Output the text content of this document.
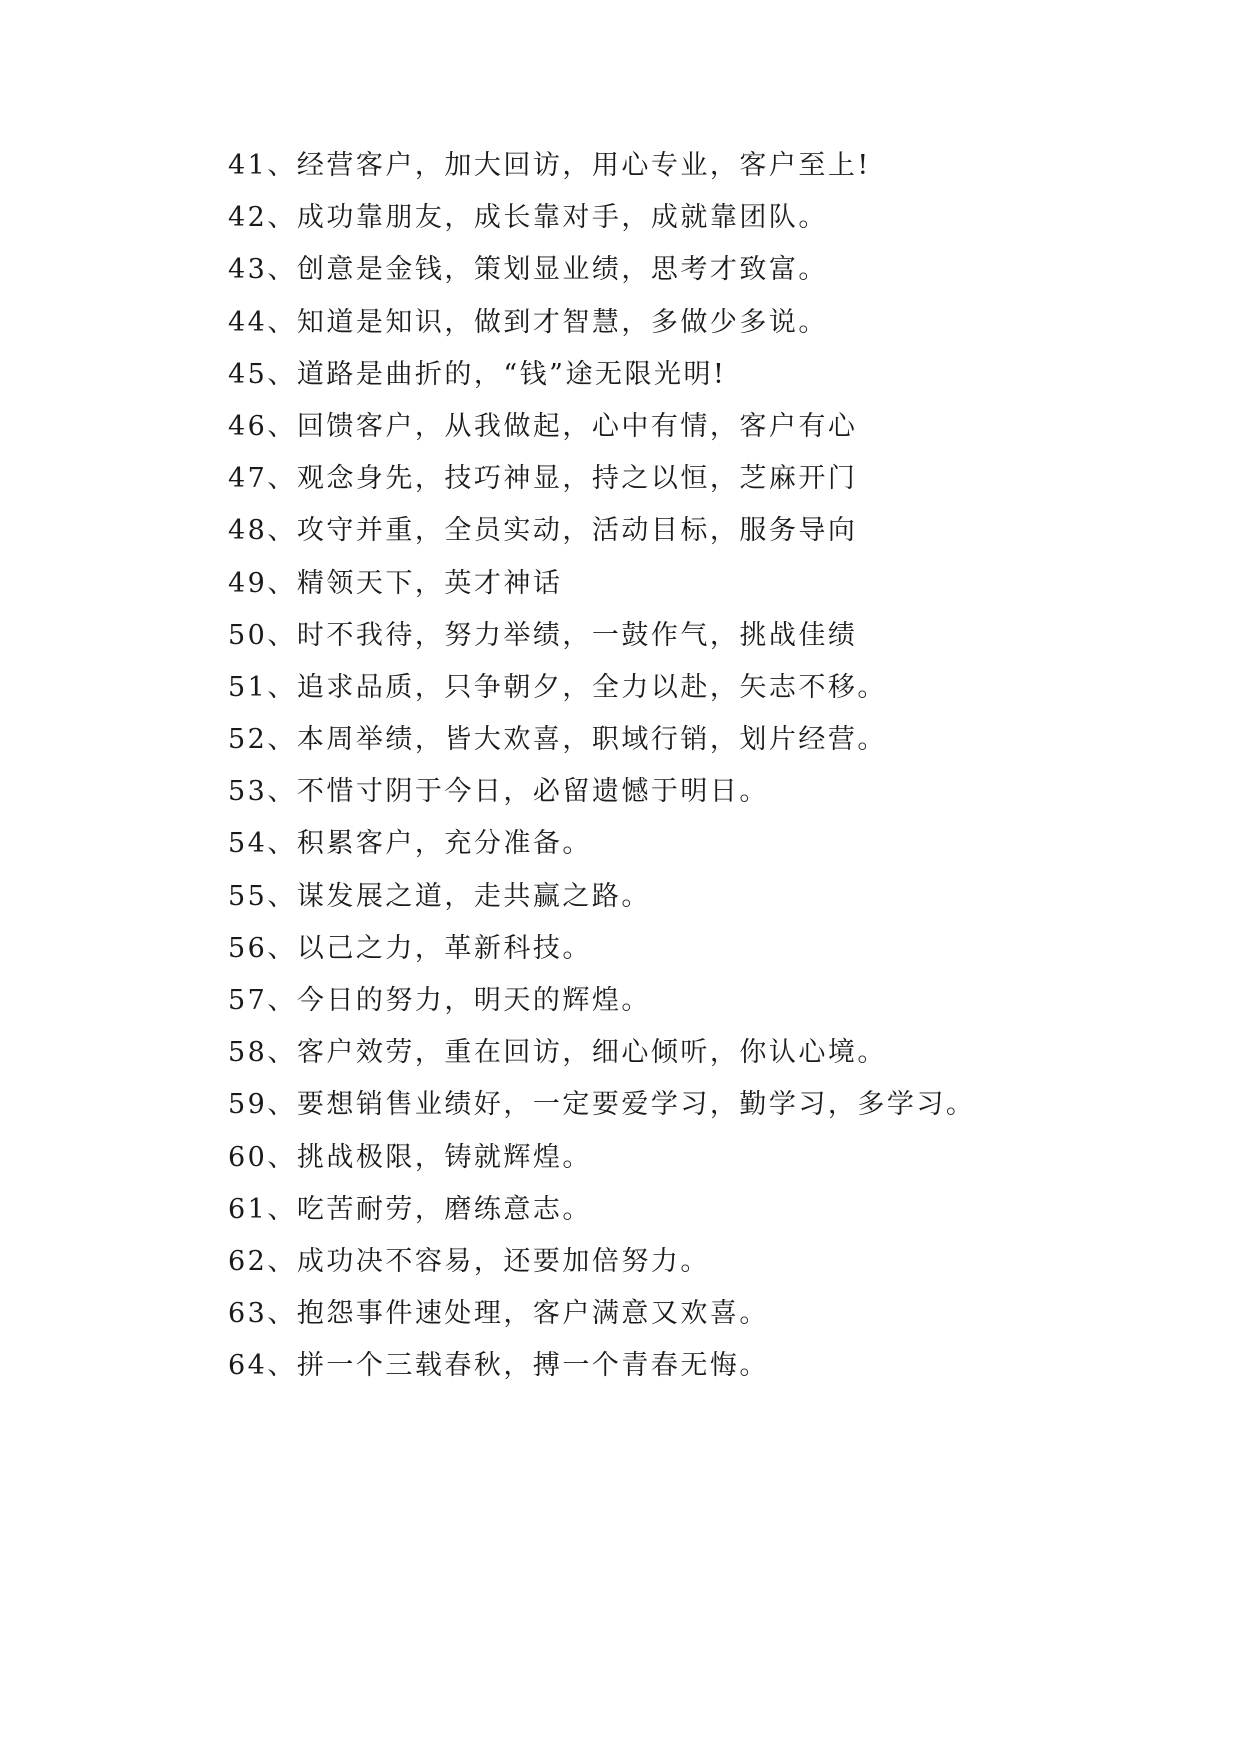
41、经营客户，加大回访，用心专业，客户至上!
42、成功靠朋友，成长靠对手，成就靠团队。
43、创意是金钱，策划显业绩，思考才致富。
44、知道是知识，做到才智慧，多做少多说。
45、道路是曲折的，“钱”途无限光明!
46、回馈客户，从我做起，心中有情，客户有心
47、观念身先，技巧神显，持之以恒，芝麻开门
48、攻守并重，全员实动，活动目标，服务导向
49、精领天下，英才神话
50、时不我待，努力举绩，一鼓作气，挑战佳绩
51、追求品质，只争朝夕，全力以赴，矢志不移。
52、本周举绩，皆大欢喜，职域行销，划片经营。
53、不惜寸阴于今日，必留遗憾于明日。
54、积累客户，充分准备。
55、谋发展之道，走共赢之路。
56、以己之力，革新科技。
57、今日的努力，明天的辉煌。
58、客户效劳，重在回访，细心倾听，你认心境。
59、要想销售业绩好，一定要爱学习，勤学习，多学习。
60、挑战极限，铸就辉煌。
61、吃苦耐劳，磨练意志。
62、成功决不容易，还要加倍努力。
63、抱怨事件速处理，客户满意又欢喜。
64、拼一个三载春秋，搏一个青春无悔。
